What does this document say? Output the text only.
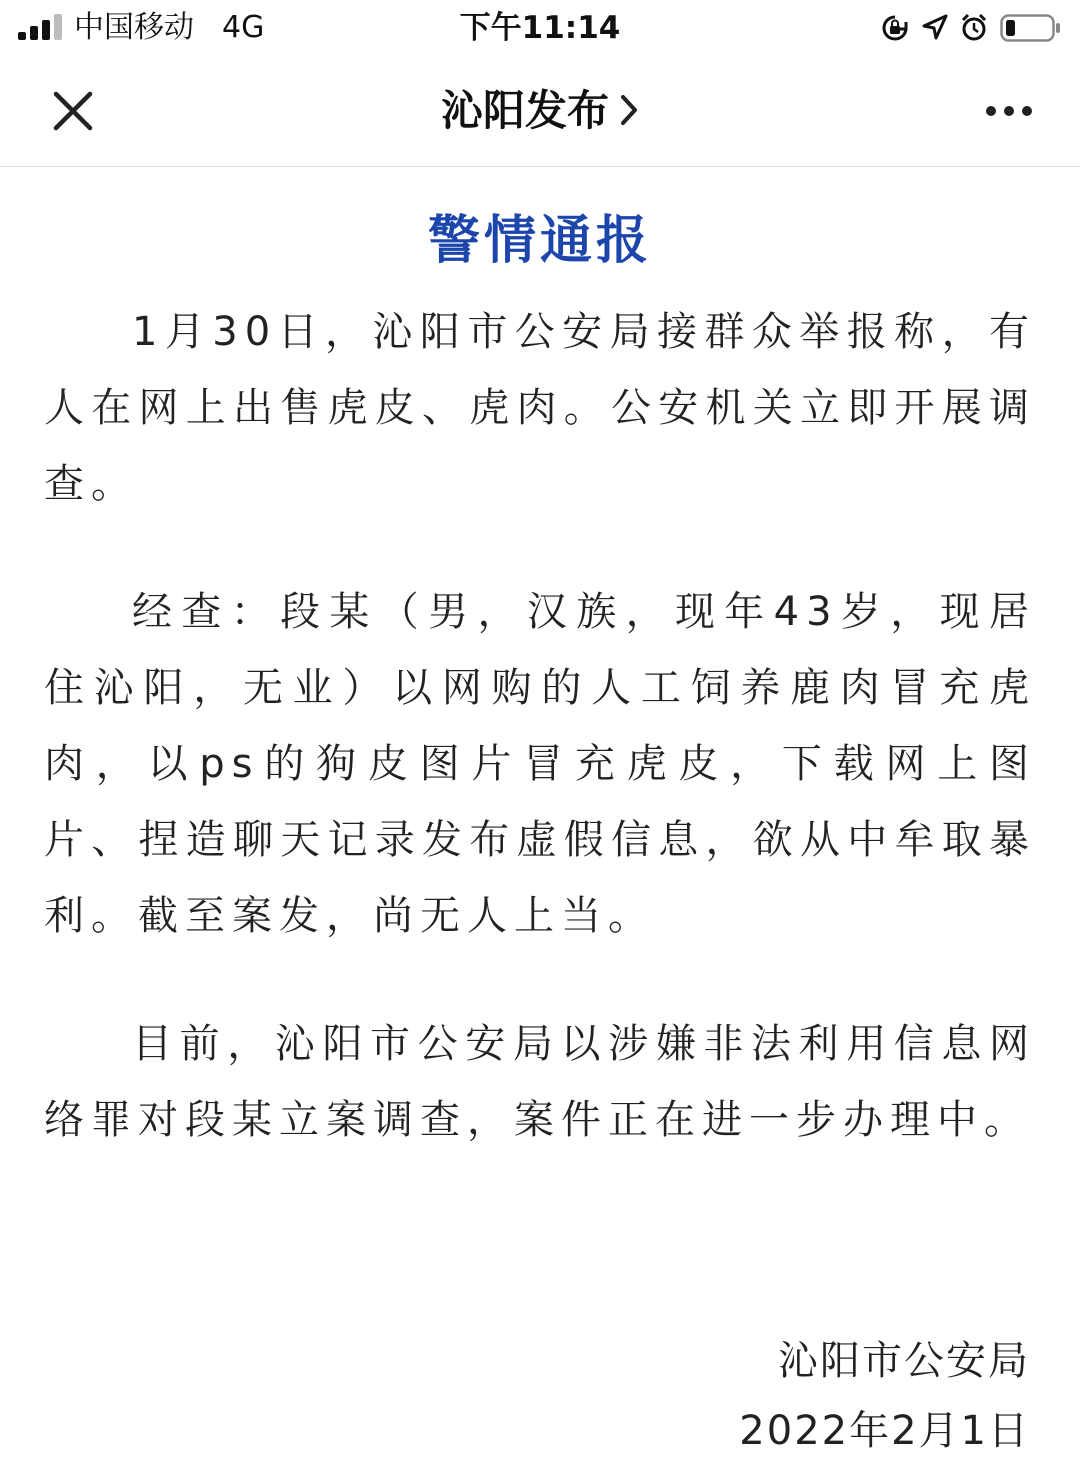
中国移动 4G	下午11:14
沁阳发布
警情通报

1月30日，沁阳市公安局接群众举报称，有人在网上出售虎皮、虎肉。公安机关立即开展调查。

经查：段某（男，汉族，现年43岁，现居住沁阳，无业）以网购的人工饲养鹿肉冒充虎肉，以ps的狗皮图片冒充虎皮，下载网上图片、捏造聊天记录发布虚假信息，欲从中牟取暴利。截至案发，尚无人上当。

目前，沁阳市公安局以涉嫌非法利用信息网络罪对段某立案调查，案件正在进一步办理中。

沁阳市公安局
2022年2月1日
